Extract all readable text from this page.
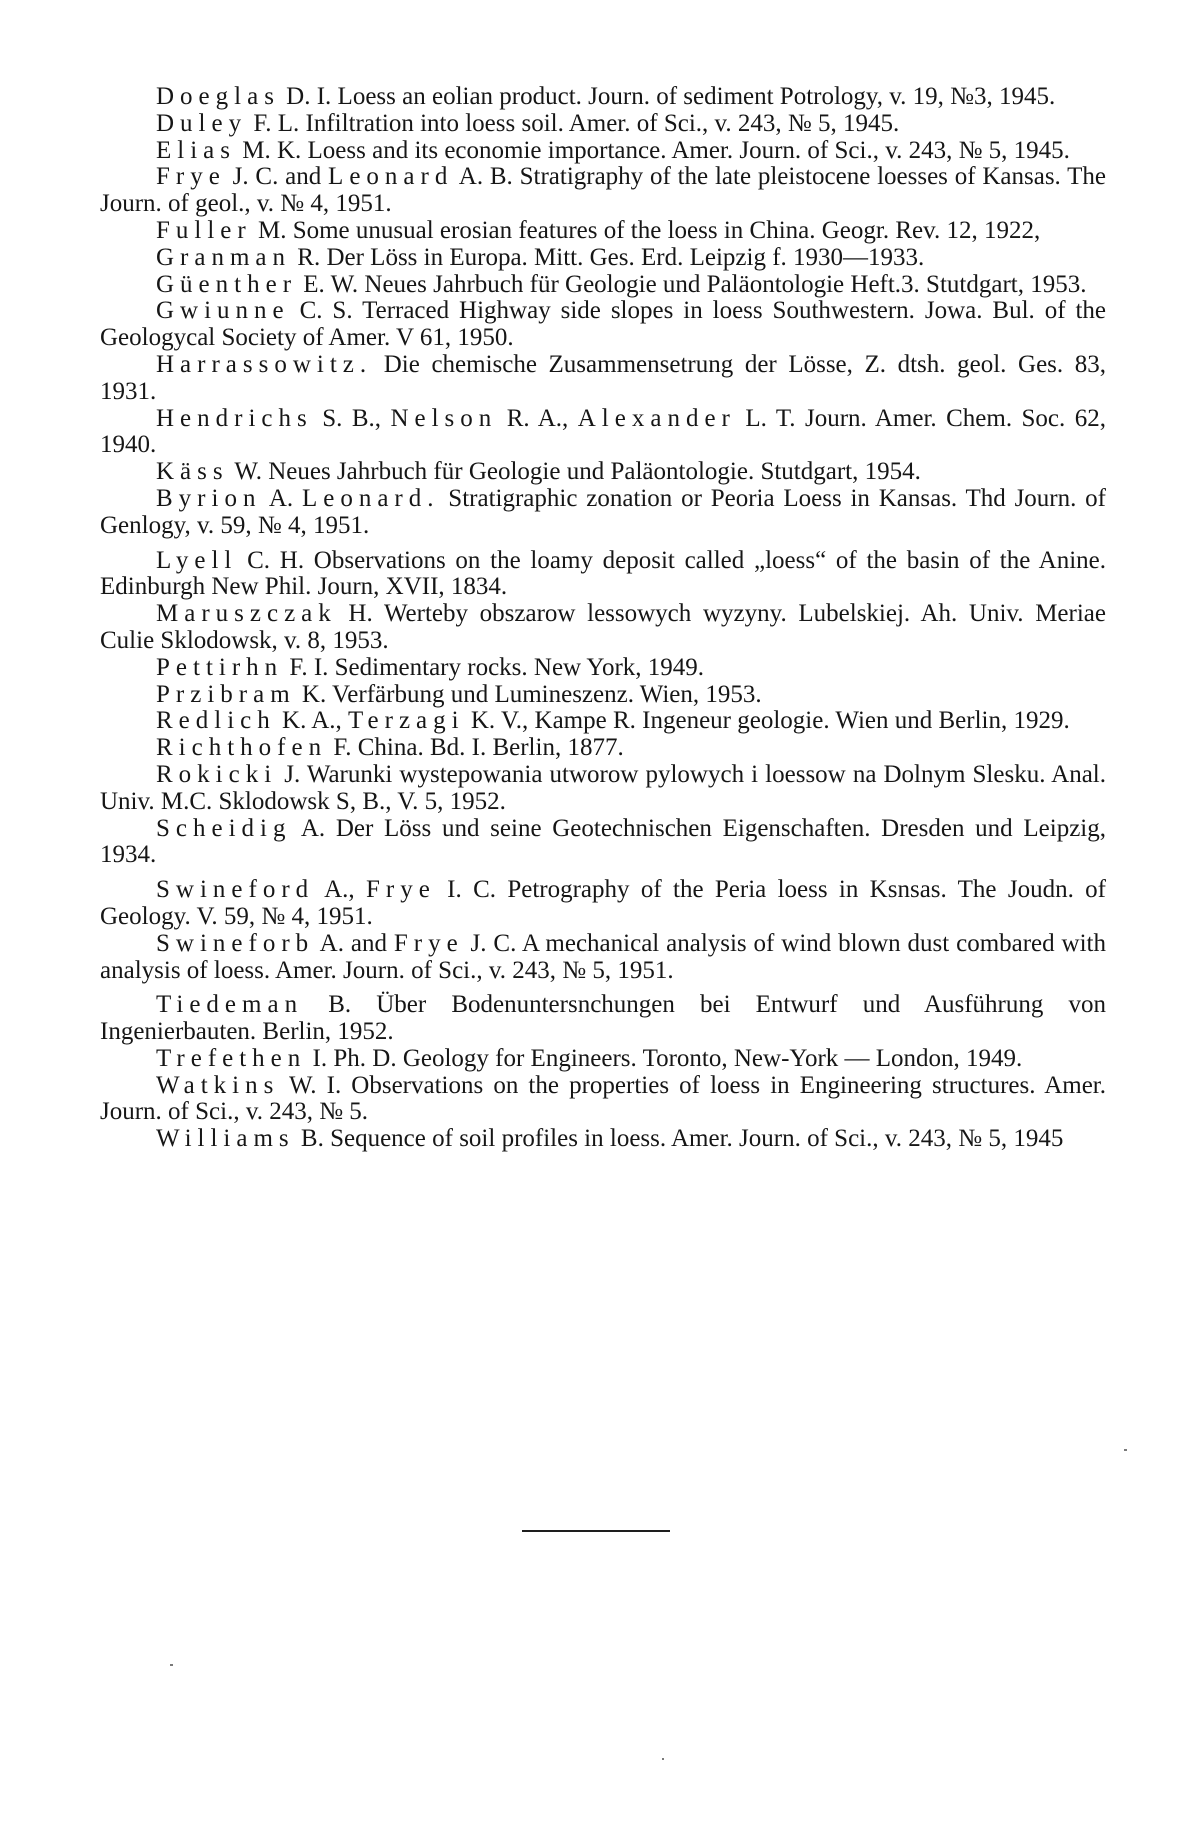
Doeglas D. I. Loess an eolian product. Journ. of sediment Potrology, v. 19, №3, 1945.
Duley F. L. Infiltration into loess soil. Amer. of Sci., v. 243, № 5, 1945.
Elias M. K. Loess and its economie importance. Amer. Journ. of Sci., v. 243, № 5, 1945.
Frye J. C. and Leonard A. B. Stratigraphy of the late pleistocene loesses of Kansas. The Journ. of geol., v. № 4, 1951.
Fuller M. Some unusual erosian features of the loess in China. Geogr. Rev. 12, 1922,
Granman R. Der Löss in Europa. Mitt. Ges. Erd. Leipzig f. 1930—1933.
Güenther E. W. Neues Jahrbuch für Geologie und Paläontologie Heft.3. Stutdgart, 1953.
Gwiunne C. S. Terraced Highway side slopes in loess Southwestern. Jowa. Bul. of the Geologycal Society of Amer. V 61, 1950.
Harrassowitz. Die chemische Zusammensetrung der Lösse, Z. dtsh. geol. Ges. 83, 1931.
Hendrichs S. B., Nelson R. A., Alexander L. T. Journ. Amer. Chem. Soc. 62, 1940.
Käss W. Neues Jahrbuch für Geologie und Paläontologie. Stutdgart, 1954.
Byrion A. Leonard. Stratigraphic zonation or Peoria Loess in Kansas. Thd Journ. of Genlogy, v. 59, № 4, 1951.
Lyell C. H. Observations on the loamy deposit called „loess“ of the basin of the Anine. Edinburgh New Phil. Journ, XVII, 1834.
Maruszczak H. Werteby obszarow lessowych wyzyny. Lubelskiej. Ah. Univ. Meriae Culie Sklodowsk, v. 8, 1953.
Pettirhn F. I. Sedimentary rocks. New York, 1949.
Przibram K. Verfärbung und Lumineszenz. Wien, 1953.
Redlich K. A., Terzagi K. V., Kampe R. Ingeneur geologie. Wien und Berlin, 1929.
Richthofen F. China. Bd. I. Berlin, 1877.
Rokicki J. Warunki wystepowania utworow pylowych i loessow na Dolnym Slesku. Anal. Univ. M.C. Sklodowsk S, B., V. 5, 1952.
Scheidig A. Der Löss und seine Geotechnischen Eigenschaften. Dresden und Leipzig, 1934.
Swineford A., Frye I. C. Petrography of the Peria loess in Ksnsas. The Joudn. of Geology. V. 59, № 4, 1951.
Swineforb A. and Frye J. C. A mechanical analysis of wind blown dust combared with analysis of loess. Amer. Journ. of Sci., v. 243, № 5, 1951.
Tiedeman B. Über Bodenuntersnchungen bei Entwurf und Ausführung von Ingenierbauten. Berlin, 1952.
Trefethen I. Ph. D. Geology for Engineers. Toronto, New-York — London, 1949.
Watkins W. I. Observations on the properties of loess in Engineering structures. Amer. Journ. of Sci., v. 243, № 5.
Williams B. Sequence of soil profiles in loess. Amer. Journ. of Sci., v. 243, № 5, 1945
